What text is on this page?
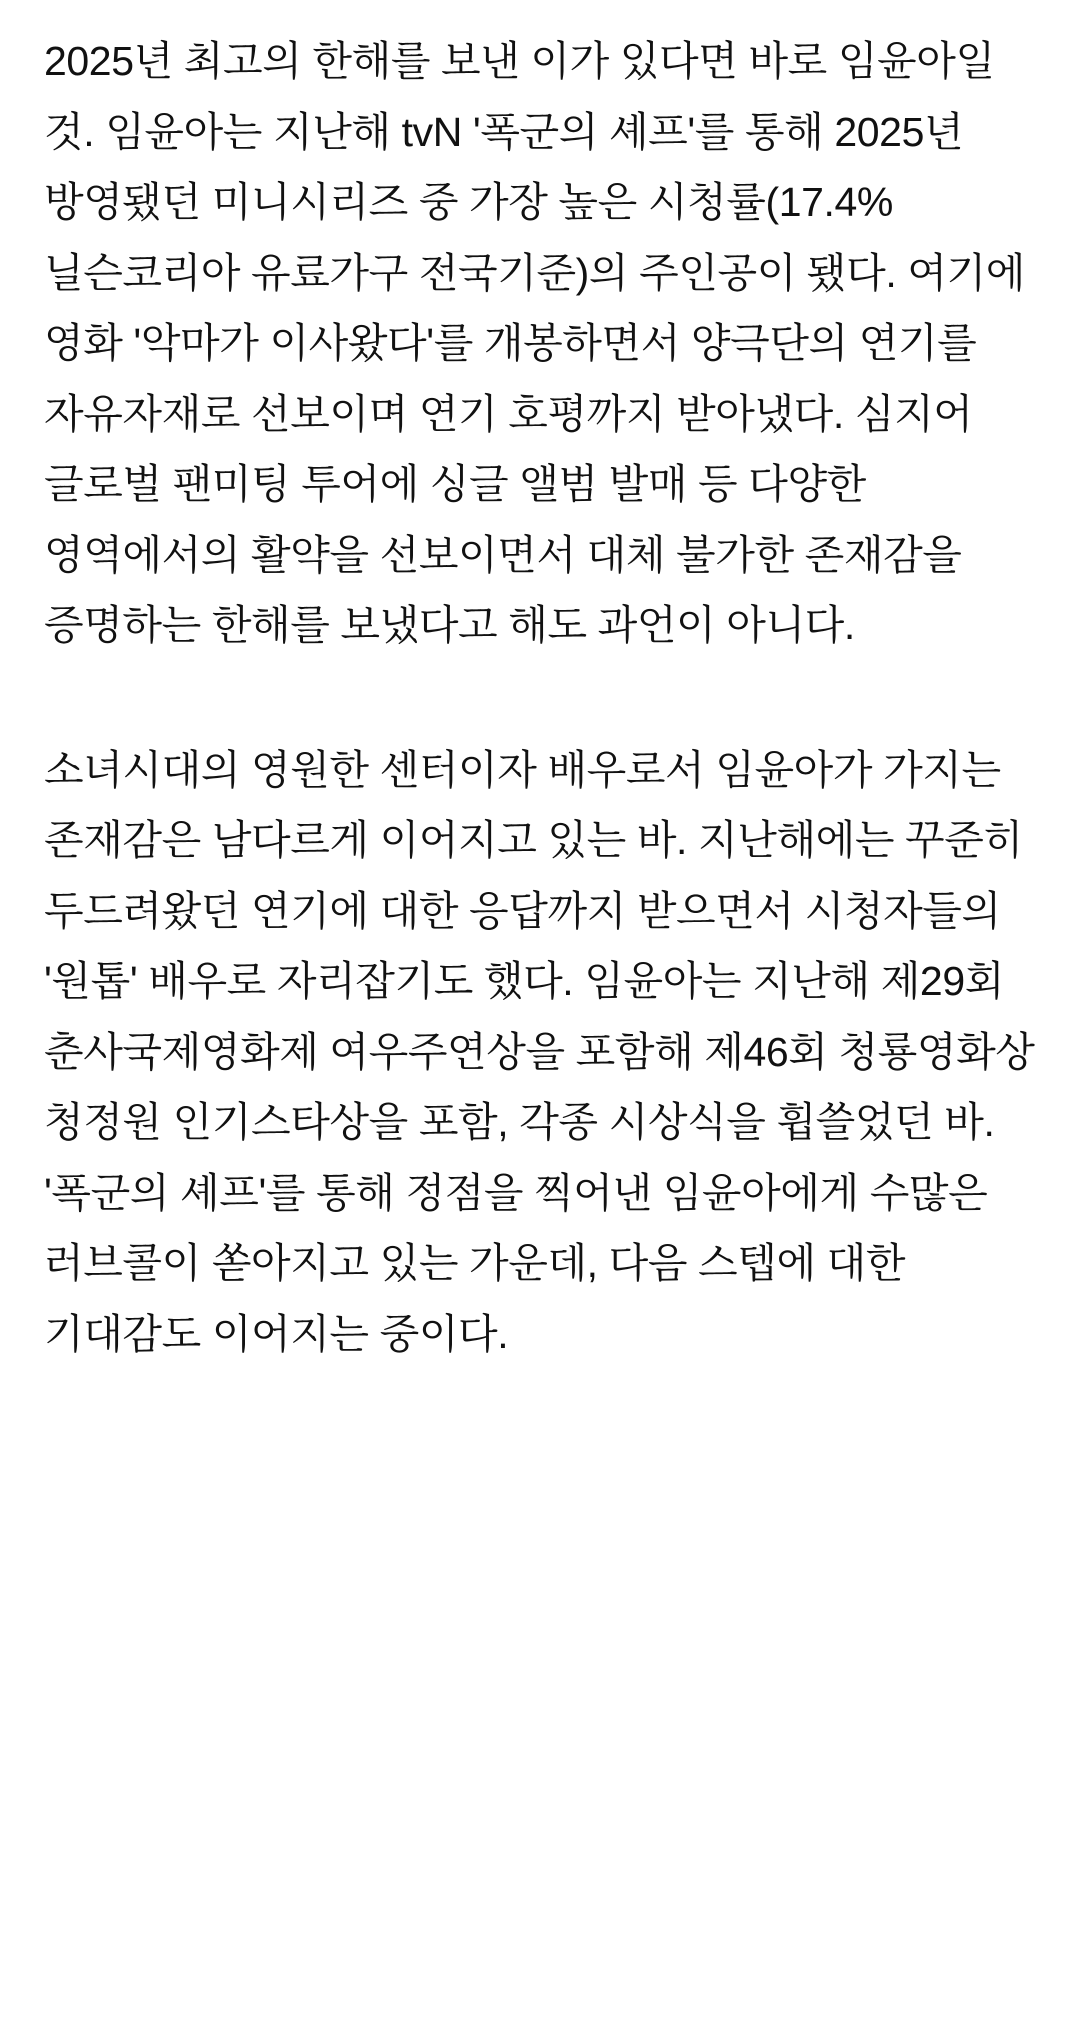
2025년 최고의 한해를 보낸 이가 있다면 바로 임윤아일 것. 임윤아는 지난해 tvN '폭군의 셰프'를 통해 2025년 방영됐던 미니시리즈 중 가장 높은 시청률(17.4% 닐슨코리아 유료가구 전국기준)의 주인공이 됐다. 여기에 영화 '악마가 이사왔다'를 개봉하면서 양극단의 연기를 자유자재로 선보이며 연기 호평까지 받아냈다. 심지어 글로벌 팬미팅 투어에 싱글 앨범 발매 등 다양한 영역에서의 활약을 선보이면서 대체 불가한 존재감을 증명하는 한해를 보냈다고 해도 과언이 아니다.

소녀시대의 영원한 센터이자 배우로서 임윤아가 가지는 존재감은 남다르게 이어지고 있는 바. 지난해에는 꾸준히 두드려왔던 연기에 대한 응답까지 받으면서 시청자들의 '원톱' 배우로 자리잡기도 했다. 임윤아는 지난해 제29회 춘사국제영화제 여우주연상을 포함해 제46회 청룡영화상 청정원 인기스타상을 포함, 각종 시상식을 휩쓸었던 바. '폭군의 셰프'를 통해 정점을 찍어낸 임윤아에게 수많은 러브콜이 쏟아지고 있는 가운데, 다음 스텝에 대한 기대감도 이어지는 중이다.
